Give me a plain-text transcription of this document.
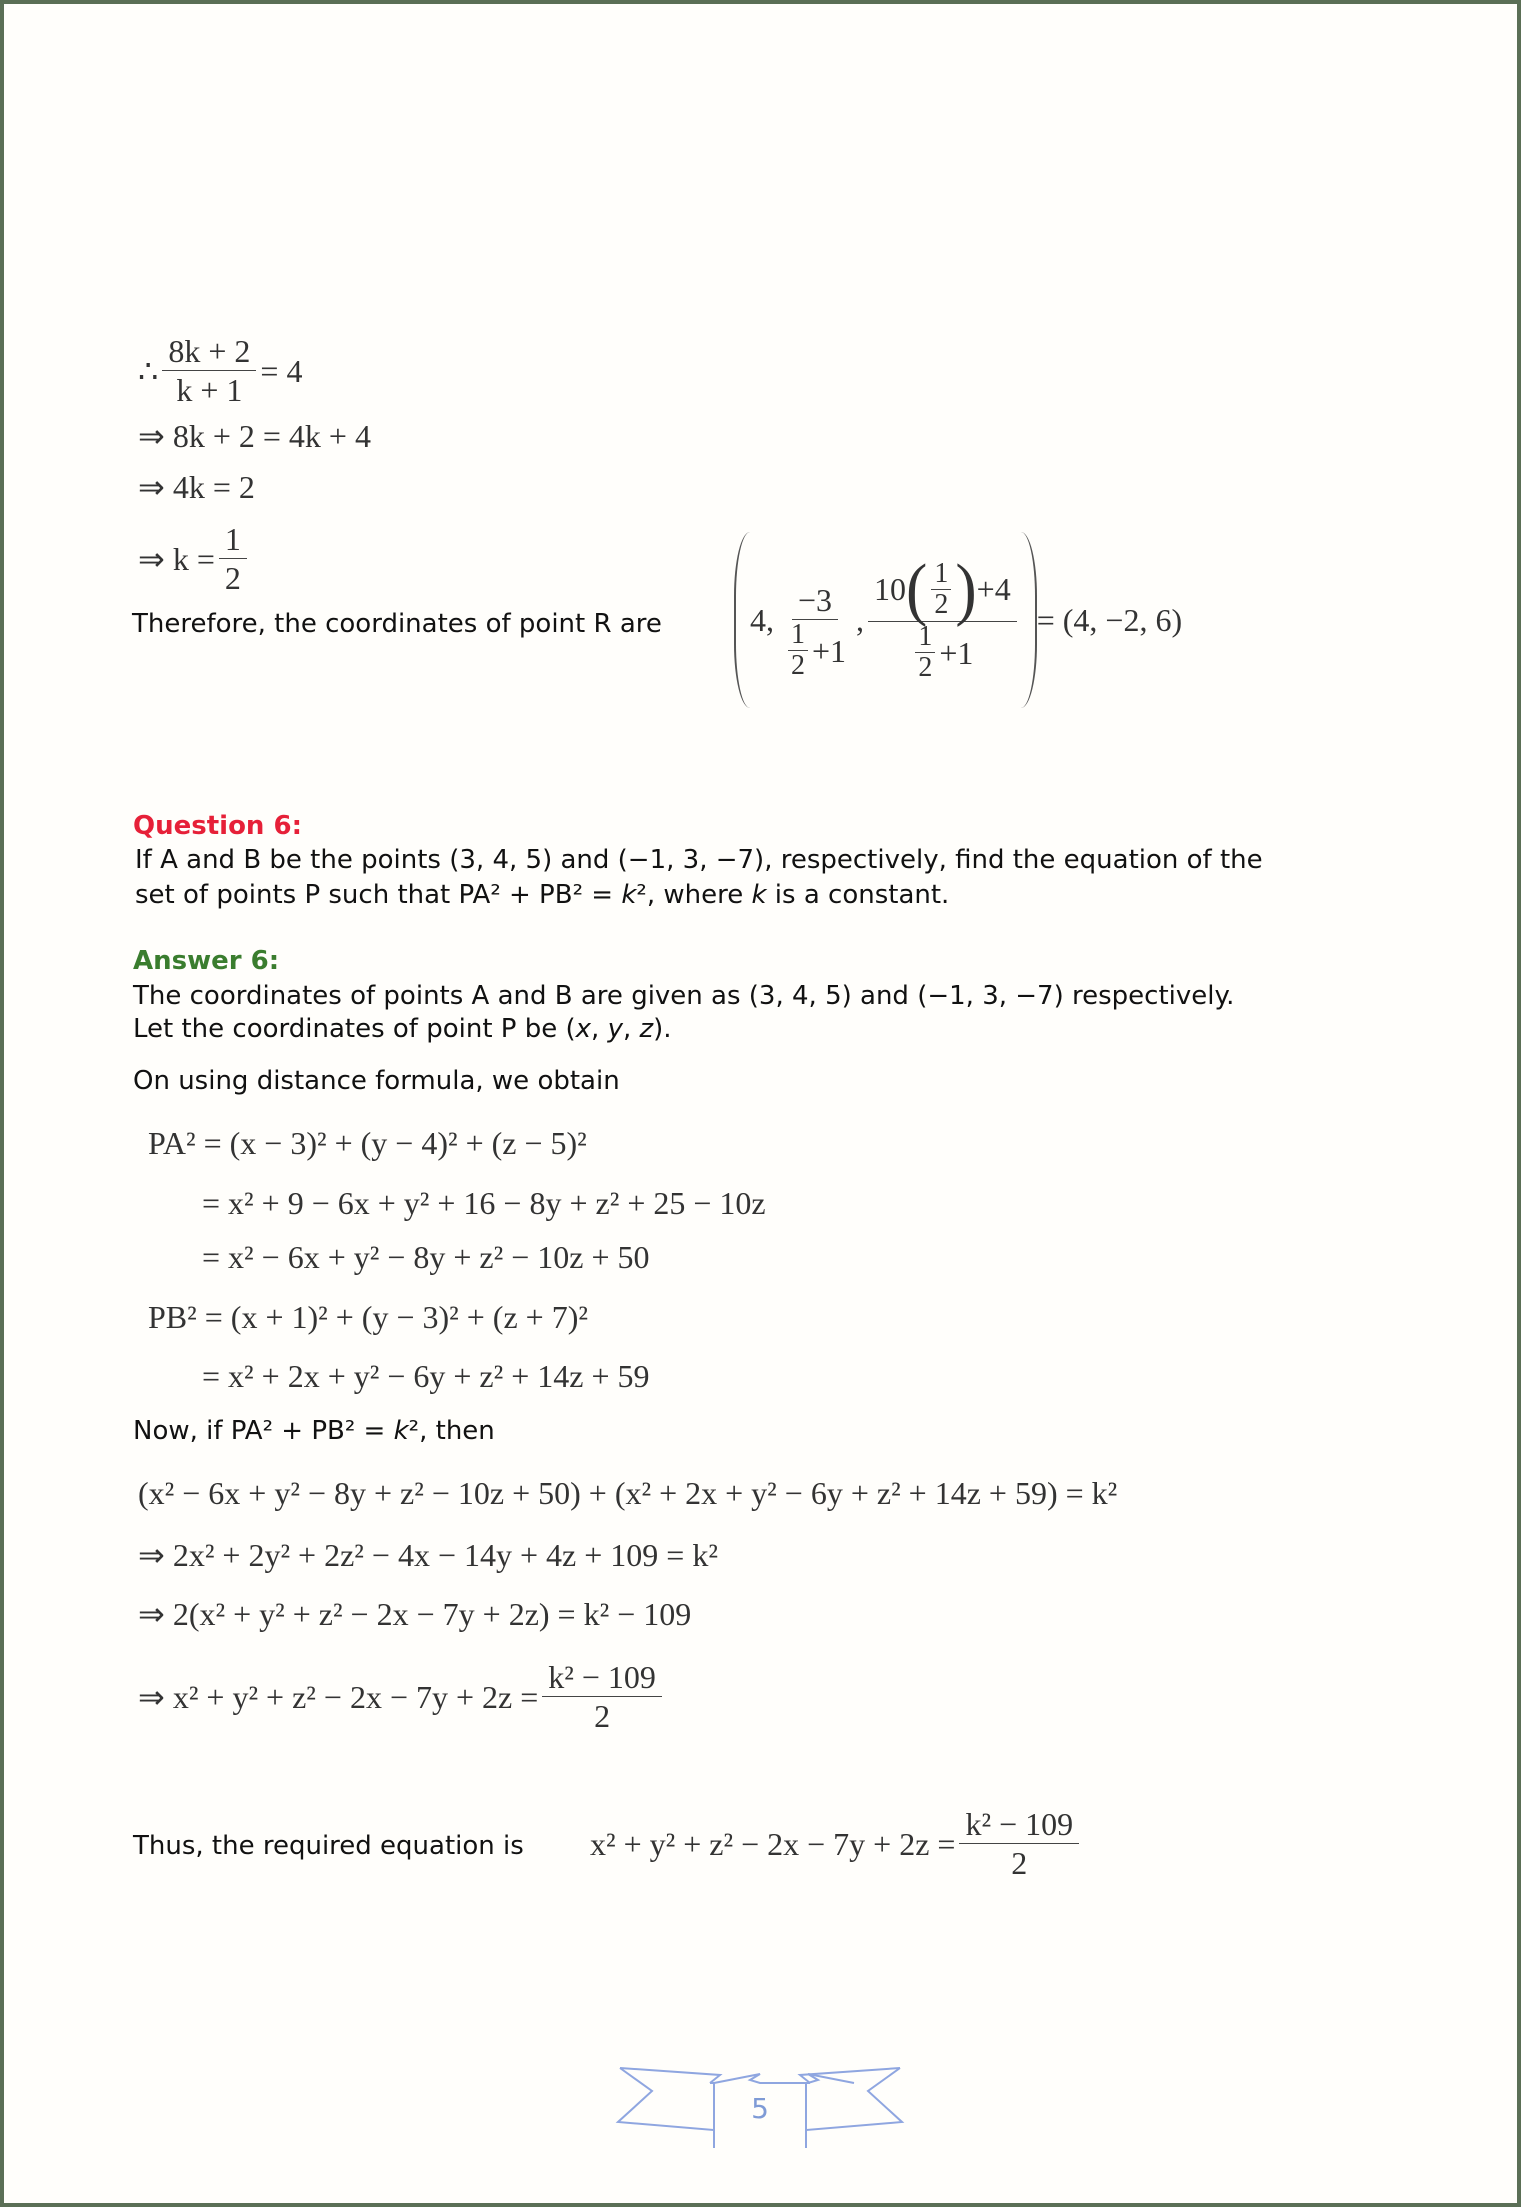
∴ $\frac{8k + 2}{k + 1} = 4$
⇒ 8k + 2 = 4k + 4
⇒ 4k = 2
⇒ $k = \frac{1}{2}$
Therefore, the coordinates of point R are	4, $\frac{-3}{\frac{1}{2} +1}$ ,
10 ( $\frac{1}{2}$ ) +4
$\frac{1}{2} +1$
= (4, −2, 6)
Question 6:
If A and B be the points (3, 4, 5) and (−1, 3, −7), respectively, find the equation of the
set of points P such that PA² + PB² = k², where k is a constant.
Answer 6:
The coordinates of points A and B are given as (3, 4, 5) and (−1, 3, −7) respectively.
Let the coordinates of point P be (x, y, z).
On using distance formula, we obtain
PA² = (x − 3)² + (y − 4)² + (z − 5)²
= x² + 9 − 6x + y² + 16 − 8y + z² + 25 − 10z
= x² − 6x + y² − 8y + z² − 10z + 50
PB² = (x + 1)² + (y − 3)² + (z + 7)²
= x² + 2x + y² − 6y + z² + 14z + 59
Now, if PA² + PB² = k², then
(x² − 6x + y² − 8y + z² − 10z + 50) + (x² + 2x + y² − 6y + z² + 14z + 59) = k²
⇒ 2x² + 2y² + 2z² − 4x − 14y + 4z + 109 = k²
⇒ 2(x² + y² + z² − 2x − 7y + 2z) = k² − 109
⇒ $x^2 + y^2 + z^2 - 2x - 7y + 2z = \frac{\text{k² − 109}}{2}$
Thus, the required equation is $x^2 + y^2 + z^2 - 2x - 7y + 2z = \frac{\text{k² − 109}}{2}$
5
